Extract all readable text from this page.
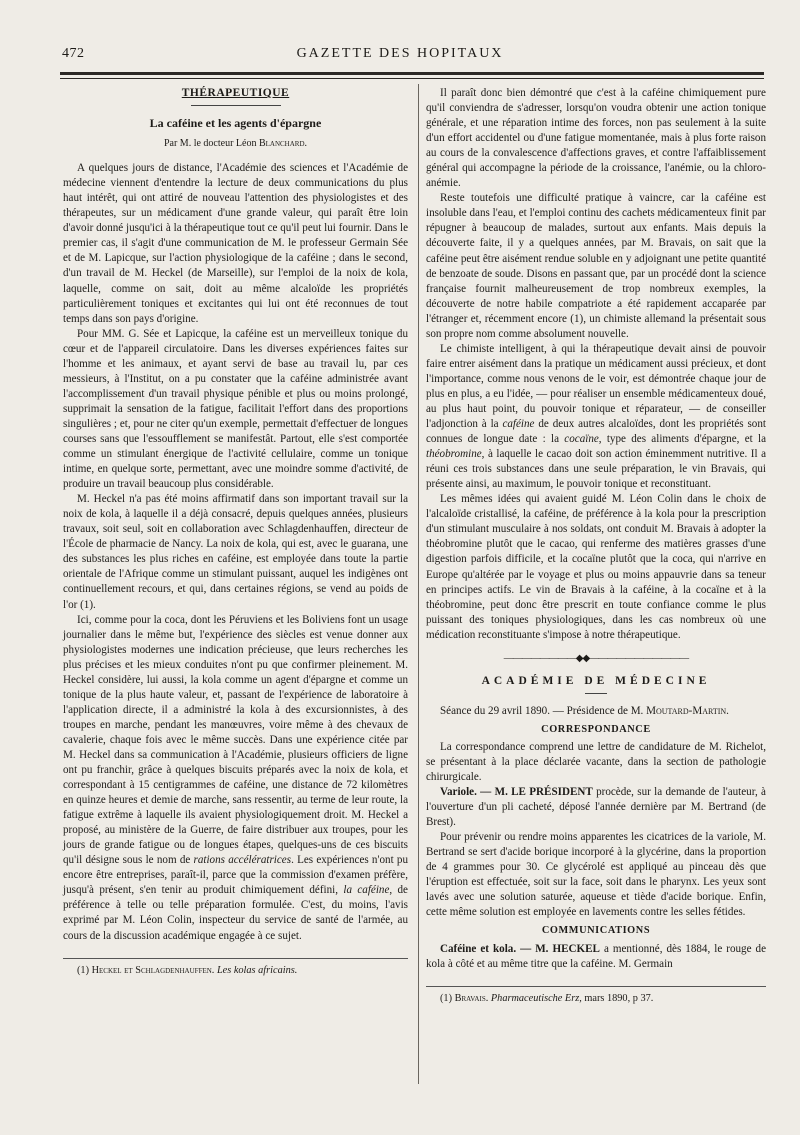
472	GAZETTE DES HOPITAUX
THÉRAPEUTIQUE
La caféine et les agents d'épargne
Par M. le docteur Léon Blanchard.

A quelques jours de distance, l'Académie des sciences et l'Académie de médecine viennent d'entendre la lecture de deux communications du plus haut intérêt, qui ont attiré de nouveau l'attention des physiologistes et des thérapeutes, sur un médicament d'une grande valeur, qui paraît être loin d'avoir donné jusqu'ici à la thérapeutique tout ce qu'il peut lui fournir. Dans le premier cas, il s'agit d'une communication de M. le professeur Germain Sée et de M. Lapicque, sur l'action physiologique de la caféine ; dans le second, d'un travail de M. Heckel (de Marseille), sur l'emploi de la noix de kola, laquelle, comme on sait, doit au même alcaloïde les propriétés particulièrement toniques et excitantes qui lui ont été reconnues de tout temps dans son pays d'origine.

Pour MM. G. Sée et Lapicque, la caféine est un merveilleux tonique du cœur et de l'appareil circulatoire. Dans les diverses expériences faites sur l'homme et les animaux, et ayant servi de base au travail lu, par ces messieurs, à l'Institut, on a pu constater que la caféine administrée avant l'accomplissement d'un travail physique pénible et plus ou moins prolongé, supprimait la sensation de la fatigue, facilitait l'effort dans des proportions singulières ; et, pour ne citer qu'un exemple, permettait d'effectuer de longues courses sans que l'essoufflement se manifestât. Partout, elle s'est comportée comme un stimulant énergique de l'activité cellulaire, comme un tonique intime, en quelque sorte, permettant, avec une moindre somme d'activité, de produire un travail beaucoup plus considérable.

M. Heckel n'a pas été moins affirmatif dans son important travail sur la noix de kola, à laquelle il a déjà consacré, depuis quelques années, plusieurs travaux, soit seul, soit en collaboration avec Schlagdenhauffen, directeur de l'École de pharmacie de Nancy. La noix de kola, qui est, avec le guarana, une des substances les plus riches en caféine, est employée dans toute la partie orientale de l'Afrique comme un stimulant puissant, auquel les indigènes ont continuellement recours, et qui, dans certaines régions, se vend au poids de l'or (1).

Ici, comme pour la coca, dont les Péruviens et les Boliviens font un usage journalier dans le même but, l'expérience des siècles est venue donner aux physiologistes modernes une indication précieuse, que leurs recherches les plus précises et les mieux conduites n'ont pu que confirmer pleinement. M. Heckel considère, lui aussi, la kola comme un agent d'épargne et comme un tonique de la plus haute valeur, et, passant de l'expérience de laboratoire à l'application directe, il a administré la kola à des excursionnistes, à des troupes en marche, pendant les manœuvres, voire même à des chevaux de cavalerie, chaque fois avec le même succès. Dans une expérience citée par M. Heckel dans sa communication à l'Académie, plusieurs officiers de ligne ont pu franchir, grâce à quelques biscuits préparés avec la noix de kola, et correspondant à 15 centigrammes de caféine, une distance de 72 kilomètres en quinze heures et demie de marche, sans ressentir, au terme de leur route, la fatigue extrême à laquelle ils avaient physiologiquement droit. M. Heckel a proposé, au ministère de la Guerre, de faire distribuer aux troupes, pour les jours de grande fatigue ou de longues étapes, quelques-uns de ces biscuits qu'il désigne sous le nom de rations accélératrices. Les expériences n'ont pu encore être entreprises, paraît-il, parce que la commission d'examen préfère, jusqu'à présent, s'en tenir au produit chimiquement défini, la caféine, de préférence à telle ou telle préparation formulée. C'est, du moins, l'avis exprimé par M. Léon Colin, inspecteur du service de santé de l'armée, au cours de la discussion académique engagée à ce sujet.

(1) Heckel et Schlagdenhauffen. Les kolas africains.

Il paraît donc bien démontré que c'est à la caféine chimiquement pure qu'il conviendra de s'adresser, lorsqu'on voudra obtenir une action tonique générale, et une réparation intime des forces, non pas seulement à la suite d'un effort accidentel ou d'une fatigue momentanée, mais à plus forte raison au cours de la convalescence d'affections graves, et contre l'affaiblissement général qui accompagne la période de la croissance, l'anémie, ou la chloro-anémie.

Reste toutefois une difficulté pratique à vaincre, car la caféine est insoluble dans l'eau, et l'emploi continu des cachets médicamenteux finit par répugner à beaucoup de malades, surtout aux enfants. Mais depuis la découverte faite, il y a quelques années, par M. Bravais, on sait que la caféine peut être aisément rendue soluble en y adjoignant une petite quantité de benzoate de soude. Disons en passant que, par un procédé dont la science française fournit malheureusement de trop nombreux exemples, la découverte de notre habile compatriote a été rapidement accaparée par l'étranger et, récemment encore (1), un chimiste allemand la présentait sous son propre nom comme absolument nouvelle.

Le chimiste intelligent, à qui la thérapeutique devait ainsi de pouvoir faire entrer aisément dans la pratique un médicament aussi précieux, et dont l'importance, comme nous venons de le voir, est démontrée chaque jour de plus en plus, a eu l'idée, — pour réaliser un ensemble médicamenteux doué, au plus haut point, du pouvoir tonique et réparateur, — de conseiller l'adjonction à la caféine de deux autres alcaloïdes, dont les propriétés sont connues de longue date : la cocaïne, type des aliments d'épargne, et la théobromine, à laquelle le cacao doit son action éminemment nutritive. Il a réuni ces trois substances dans une seule préparation, le vin Bravais, qui présente ainsi, au maximum, le pouvoir tonique et reconstituant.

Les mêmes idées qui avaient guidé M. Léon Colin dans le choix de l'alcaloïde cristallisé, la caféine, de préférence à la kola pour la prescription d'un stimulant musculaire à nos soldats, ont conduit M. Bravais à adopter la théobromine plutôt que le cacao, qui renferme des matières grasses d'une digestion parfois difficile, et la cocaïne plutôt que la coca, qui n'arrive en Europe qu'altérée par le voyage et plus ou moins appauvrie dans sa teneur en principes actifs. Le vin de Bravais à la caféine, à la cocaïne et à la théobromine, peut donc être prescrit en toute confiance comme le plus puissant des toniques physiologiques, dans les cas nombreux où une médication reconstituante s'impose à notre thérapeutique.

————————◆◆———————————
ACADÉMIE DE MÉDECINE

Séance du 29 avril 1890. — Présidence de M. Moutard-Martin.

CORRESPONDANCE

La correspondance comprend une lettre de candidature de M. Richelot, se présentant à la place déclarée vacante, dans la section de pathologie chirurgicale.

Variole. — M. LE PRÉSIDENT procède, sur la demande de l'auteur, à l'ouverture d'un pli cacheté, déposé l'année dernière par M. Bertrand (de Brest).

Pour prévenir ou rendre moins apparentes les cicatrices de la variole, M. Bertrand se sert d'acide borique incorporé à la glycérine, dans la proportion de 4 grammes pour 30. Ce glycérolé est appliqué au pinceau dès que l'éruption est effectuée, soit sur la face, soit dans le pharynx. Les yeux sont lavés avec une solution saturée, aqueuse et tiède d'acide borique. Enfin, cette même solution est employée en lavements contre les selles fétides.

COMMUNICATIONS

Caféine et kola. — M. HECKEL a mentionné, dès 1884, le rouge de kola à côté et au même titre que la caféine. M. Germain

(1) Bravais. Pharmaceutische Erz, mars 1890, p 37.
